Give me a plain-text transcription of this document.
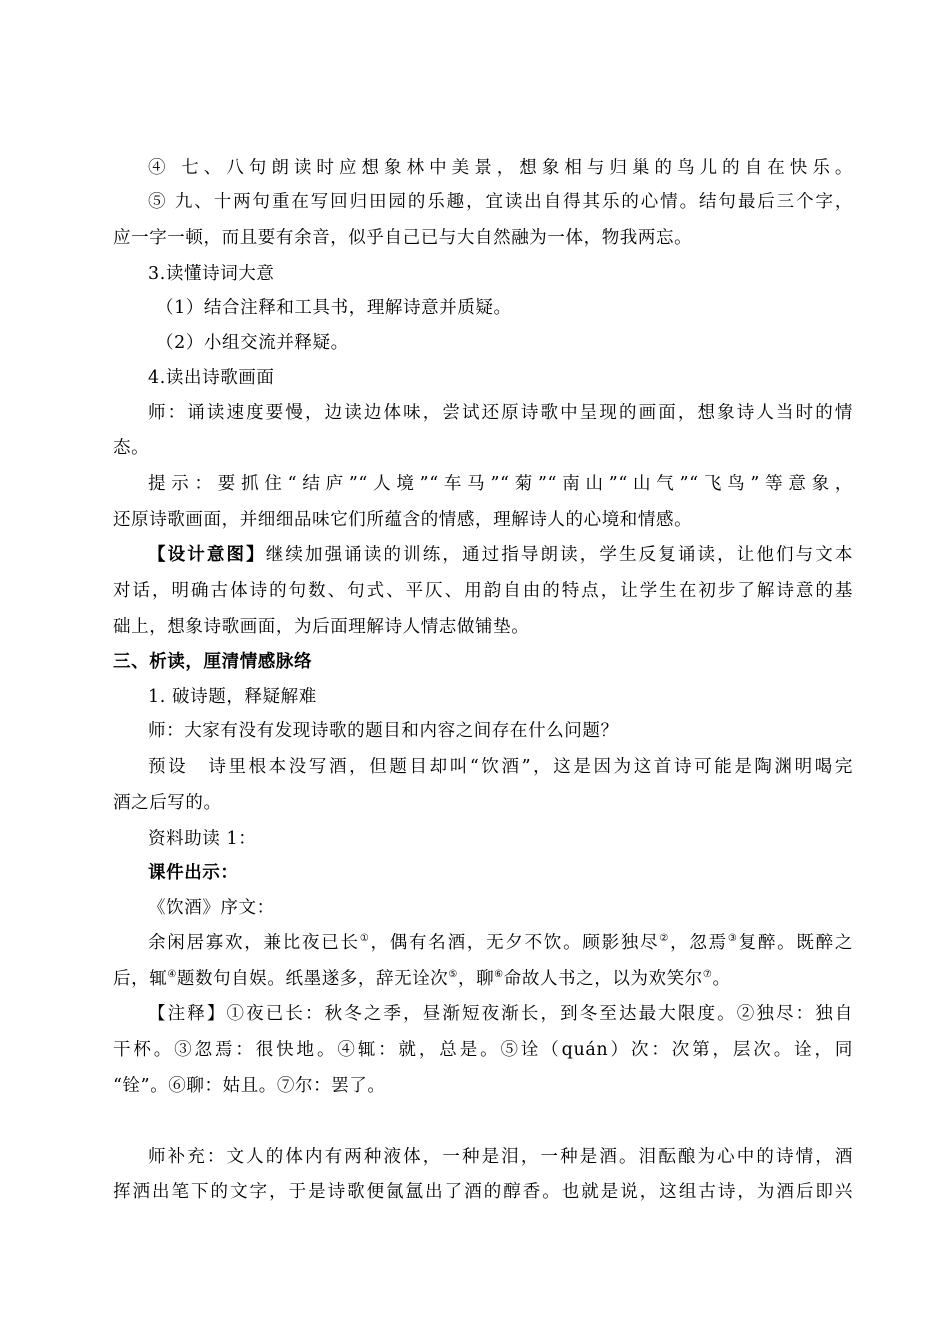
④ 七、八句朗读时应想象林中美景，想象相与归巢的鸟儿的自在快乐。
⑤ 九、十两句重在写回归田园的乐趣，宜读出自得其乐的心情。结句最后三个字，
应一字一顿，而且要有余音，似乎自己已与大自然融为一体，物我两忘。
3.读懂诗词大意
（1）结合注释和工具书，理解诗意并质疑。
（2）小组交流并释疑。
4.读出诗歌画面
师：诵读速度要慢，边读边体味，尝试还原诗歌中呈现的画面，想象诗人当时的情
态。
提示：要抓住“结庐”“人境”“车马”“菊”“南山”“山气”“飞鸟”等意象，
还原诗歌画面，并细细品味它们所蕴含的情感，理解诗人的心境和情感。
【设计意图】继续加强诵读的训练，通过指导朗读，学生反复诵读，让他们与文本
对话，明确古体诗的句数、句式、平仄、用韵自由的特点，让学生在初步了解诗意的基
础上，想象诗歌画面，为后面理解诗人情志做铺垫。
三、析读，厘清情感脉络
1. 破诗题，释疑解难
师：大家有没有发现诗歌的题目和内容之间存在什么问题？
预设　诗里根本没写酒，但题目却叫“饮酒”，这是因为这首诗可能是陶渊明喝完
酒之后写的。
资料助读 1：
课件出示：
《饮酒》序文：
余闲居寡欢，兼比夜已长①，偶有名酒，无夕不饮。顾影独尽②，忽焉③复醉。既醉之
后，辄④题数句自娱。纸墨遂多，辞无诠次⑤，聊⑥命故人书之，以为欢笑尔⑦。
【注释】①夜已长：秋冬之季，昼渐短夜渐长，到冬至达最大限度。②独尽：独自
干杯。③忽焉：很快地。④辄：就，总是。⑤诠（quán）次：次第，层次。诠，同
“铨”。⑥聊：姑且。⑦尔：罢了。
师补充：文人的体内有两种液体，一种是泪，一种是酒。泪酝酿为心中的诗情，酒
挥洒出笔下的文字，于是诗歌便氤氲出了酒的醇香。也就是说，这组古诗，为酒后即兴
